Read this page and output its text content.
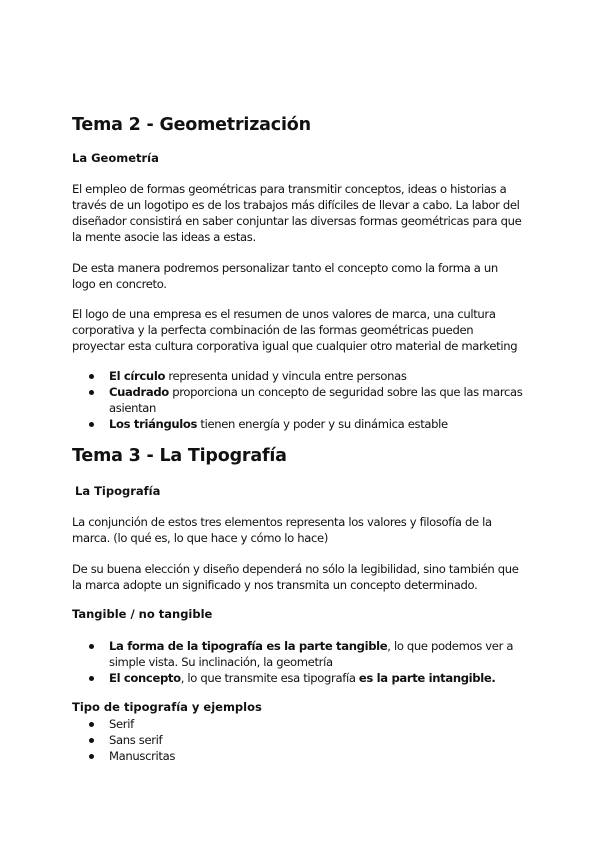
Tema 2 - Geometrización
La Geometría

El empleo de formas geométricas para transmitir conceptos, ideas o historias a

través de un logotipo es de los trabajos más difíciles de llevar a cabo. La labor del

diseñador consistirá en saber conjuntar las diversas formas geométricas para que

la mente asocie las ideas a estas.

De esta manera podremos personalizar tanto el concepto como la forma a un

logo en concreto.

El logo de una empresa es el resumen de unos valores de marca, una cultura

corporativa y la perfecta combinación de las formas geométricas pueden

proyectar esta cultura corporativa igual que cualquier otro material de marketing

El círculo representa unidad y vincula entre personas

Cuadrado proporciona un concepto de seguridad sobre las que las marcas

asientan

Los triángulos tienen energía y poder y su dinámica estable

Tema 3 - La Tipografía
La Tipografía

La conjunción de estos tres elementos representa los valores y filosofía de la

marca. (lo qué es, lo que hace y cómo lo hace)

De su buena elección y diseño dependerá no sólo la legibilidad, sino también que

la marca adopte un significado y nos transmita un concepto determinado.

Tangible / no tangible

La forma de la tipografía es la parte tangible, lo que podemos ver a

simple vista. Su inclinación, la geometría

El concepto, lo que transmite esa tipografía es la parte intangible.

Tipo de tipografía y ejemplos

Serif

Sans serif

Manuscritas
